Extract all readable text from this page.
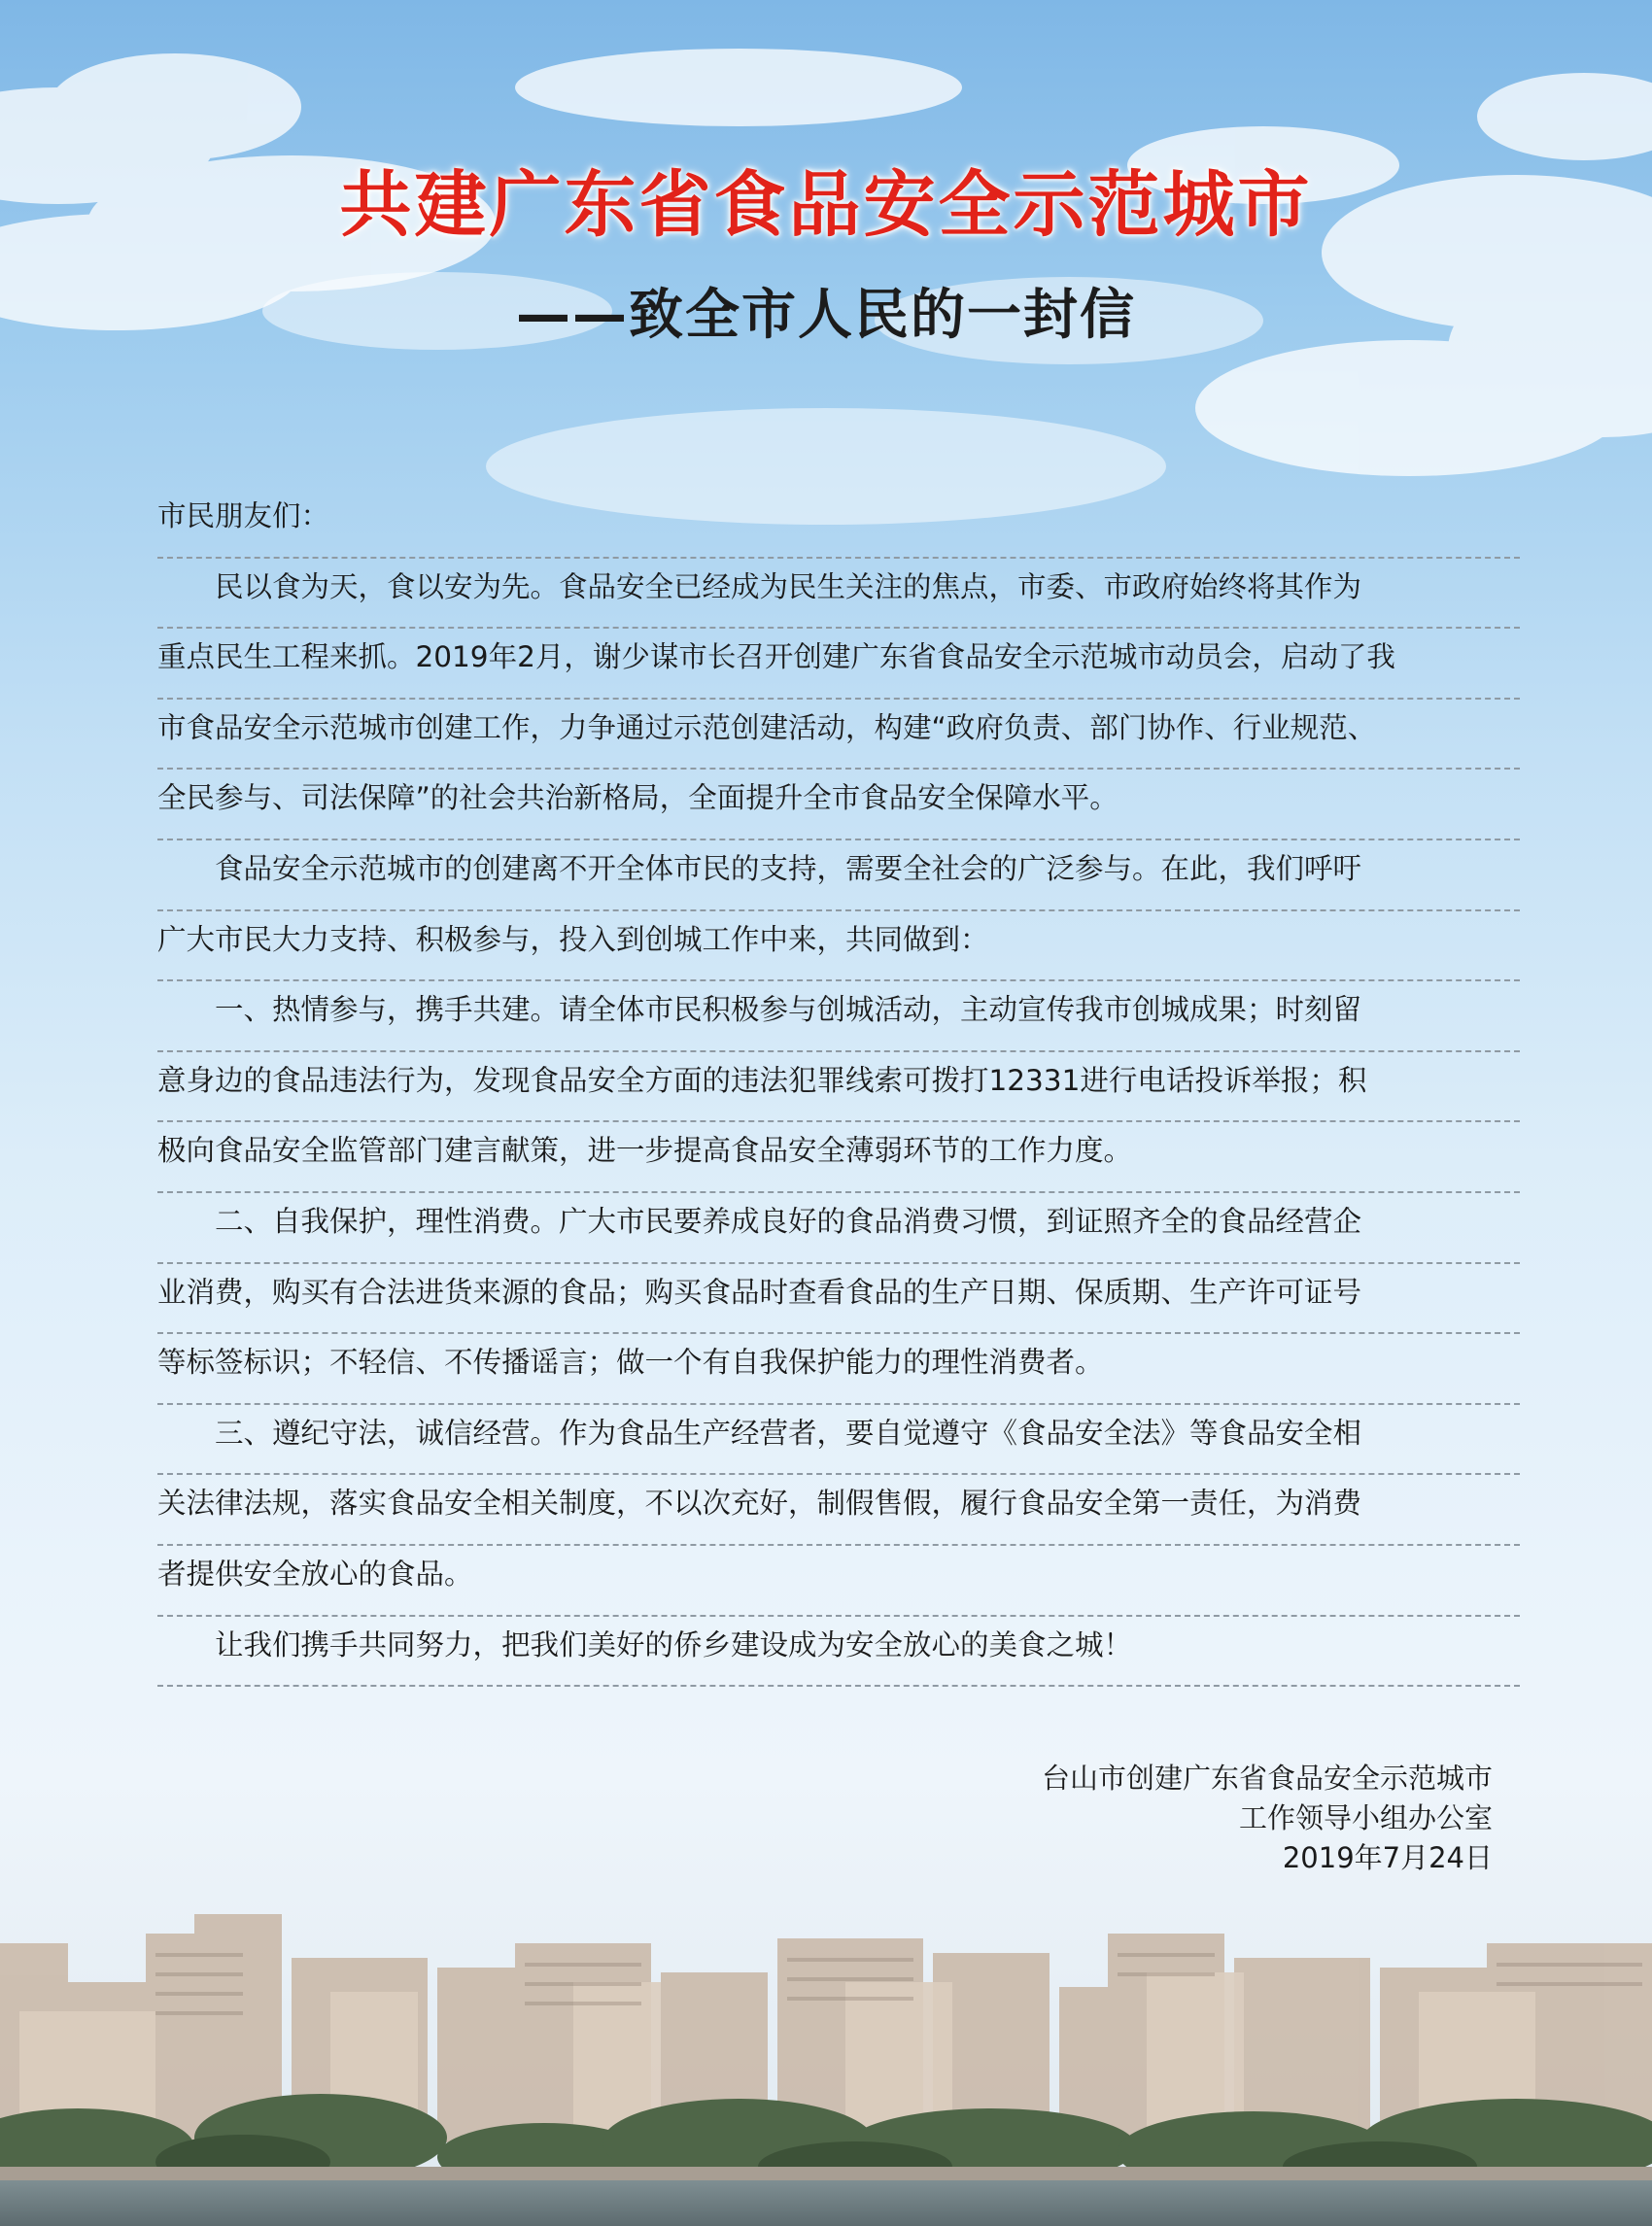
共建广东省食品安全示范城市
——致全市人民的一封信
市民朋友们：
　　民以食为天，食以安为先。食品安全已经成为民生关注的焦点，市委、市政府始终将其作为
重点民生工程来抓。2019年2月，谢少谋市长召开创建广东省食品安全示范城市动员会，启动了我
市食品安全示范城市创建工作，力争通过示范创建活动，构建“政府负责、部门协作、行业规范、
全民参与、司法保障”的社会共治新格局，全面提升全市食品安全保障水平。
　　食品安全示范城市的创建离不开全体市民的支持，需要全社会的广泛参与。在此，我们呼吁
广大市民大力支持、积极参与，投入到创城工作中来，共同做到：
　　一、热情参与，携手共建。请全体市民积极参与创城活动，主动宣传我市创城成果；时刻留
意身边的食品违法行为，发现食品安全方面的违法犯罪线索可拨打12331进行电话投诉举报；积
极向食品安全监管部门建言献策，进一步提高食品安全薄弱环节的工作力度。
　　二、自我保护，理性消费。广大市民要养成良好的食品消费习惯，到证照齐全的食品经营企
业消费，购买有合法进货来源的食品；购买食品时查看食品的生产日期、保质期、生产许可证号
等标签标识；不轻信、不传播谣言；做一个有自我保护能力的理性消费者。
　　三、遵纪守法，诚信经营。作为食品生产经营者，要自觉遵守《食品安全法》等食品安全相
关法律法规，落实食品安全相关制度，不以次充好，制假售假，履行食品安全第一责任，为消费
者提供安全放心的食品。
　　让我们携手共同努力，把我们美好的侨乡建设成为安全放心的美食之城！
台山市创建广东省食品安全示范城市
工作领导小组办公室
2019年7月24日
